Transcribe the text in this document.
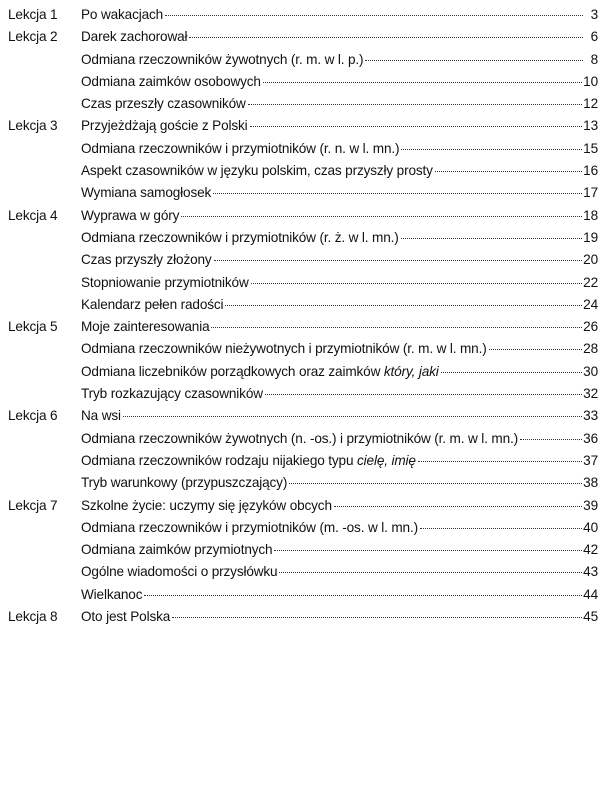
Lekcja 1	Po wakacjach	3
Lekcja 2	Darek zachorował	6
Odmiana rzeczowników żywotnych (r. m. w l. p.)	8
Odmiana zaimków osobowych	10
Czas przeszły czasowników	12
Lekcja 3	Przyjeżdżają goście z Polski	13
Odmiana rzeczowników i przymiotników (r. n. w l. mn.)	15
Aspekt czasowników w języku polskim, czas przyszły prosty	16
Wymiana samogłosek	17
Lekcja 4	Wyprawa w góry	18
Odmiana rzeczowników i przymiotników (r. ż. w l. mn.)	19
Czas przyszły złożony	20
Stopniowanie przymiotników	22
Kalendarz pełen radości	24
Lekcja 5	Moje zainteresowania	26
Odmiana rzeczowników nieżywotnych i przymiotników (r. m. w l. mn.)	28
Odmiana liczebników porządkowych oraz zaimków który, jaki	30
Tryb rozkazujący czasowników	32
Lekcja 6	Na wsi	33
Odmiana rzeczowników żywotnych (n. -os.) i przymiotników (r. m. w l. mn.)	36
Odmiana rzeczowników rodzaju nijakiego typu cielę, imię	37
Tryb warunkowy (przypuszczający)	38
Lekcja 7	Szkolne życie: uczymy się języków obcych	39
Odmiana rzeczowników i przymiotników (m. -os. w l. mn.)	40
Odmiana zaimków przymiotnych	42
Ogólne wiadomości o przysłówku	43
Wielkanoc	44
Lekcja 8	Oto jest Polska	45
